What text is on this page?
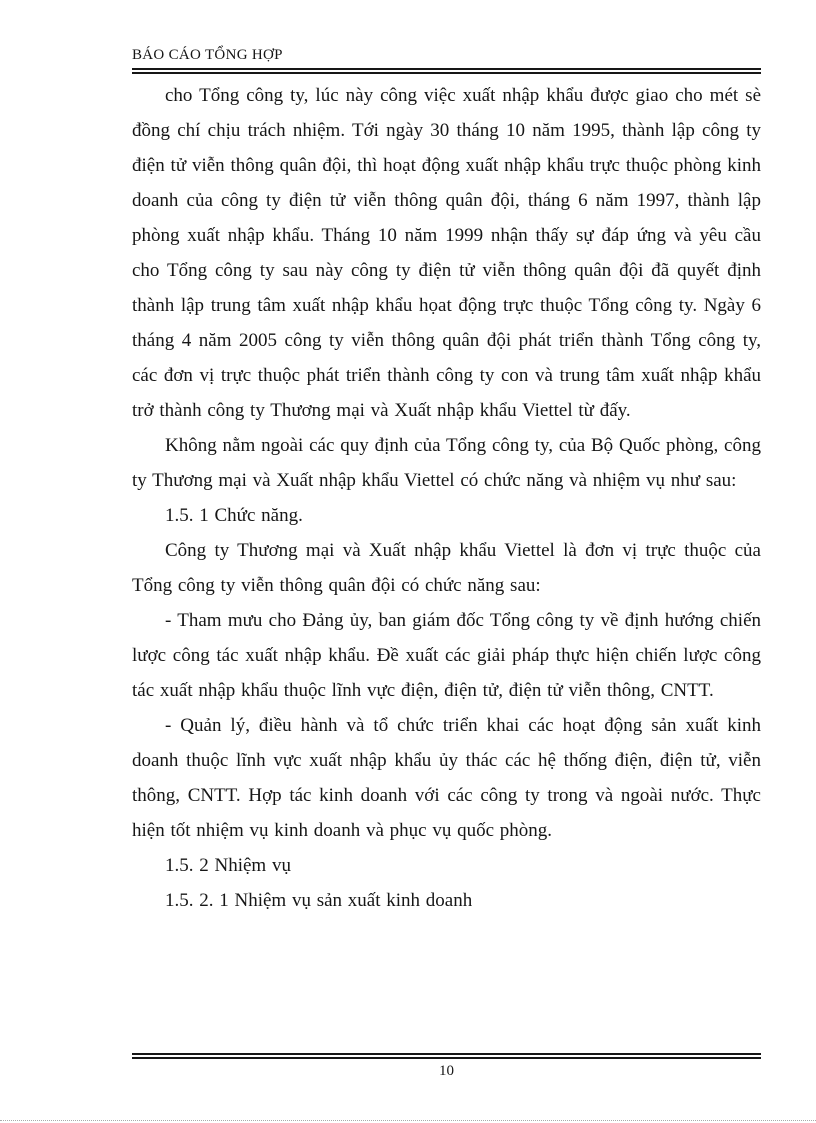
BÁO CÁO TỔNG HỢP

cho Tổng công ty, lúc này công việc xuất nhập khẩu được giao cho mét sè đồng chí chịu trách nhiệm. Tới ngày 30 tháng 10 năm 1995, thành lập công ty điện tử viễn thông quân đội, thì hoạt động xuất nhập khẩu trực thuộc phòng kinh doanh của công ty điện tử viễn thông quân đội, tháng 6 năm 1997, thành lập phòng xuất nhập khẩu. Tháng 10 năm 1999 nhận thấy sự đáp ứng và yêu cầu cho Tổng công ty sau này công ty điện tử viễn thông quân đội đã quyết định thành lập trung tâm xuất nhập khẩu họat động trực thuộc Tổng công ty. Ngày 6 tháng 4 năm 2005 công ty viễn thông quân đội phát triển thành Tổng công ty, các đơn vị trực thuộc phát triển thành công ty con và trung tâm xuất nhập khẩu trở thành công ty Thương mại và Xuất nhập khẩu Viettel từ đấy.

Không nằm ngoài các quy định của Tổng công ty, của Bộ Quốc phòng, công ty Thương mại và Xuất nhập khẩu Viettel có chức năng và nhiệm vụ như sau:

1.5. 1 Chức năng.

Công ty Thương mại và Xuất nhập khẩu Viettel là đơn vị trực thuộc của Tổng công ty viễn thông quân đội có chức năng sau:

- Tham mưu cho Đảng ủy, ban giám đốc Tổng công ty về định hướng chiến lược công tác xuất nhập khẩu. Đề xuất các giải pháp thực hiện chiến lược công tác xuất nhập khẩu thuộc lĩnh vực điện, điện tử, điện tử viễn thông, CNTT.

- Quản lý, điều hành và tổ chức triển khai các hoạt động sản xuất kinh doanh thuộc lĩnh vực xuất nhập khẩu ủy thác các hệ thống điện, điện tử, viễn thông, CNTT. Hợp tác kinh doanh với các công ty trong và ngoài nước. Thực hiện tốt nhiệm vụ kinh doanh và phục vụ quốc phòng.

1.5. 2 Nhiệm vụ

1.5. 2. 1 Nhiệm vụ sản xuất kinh doanh

10
